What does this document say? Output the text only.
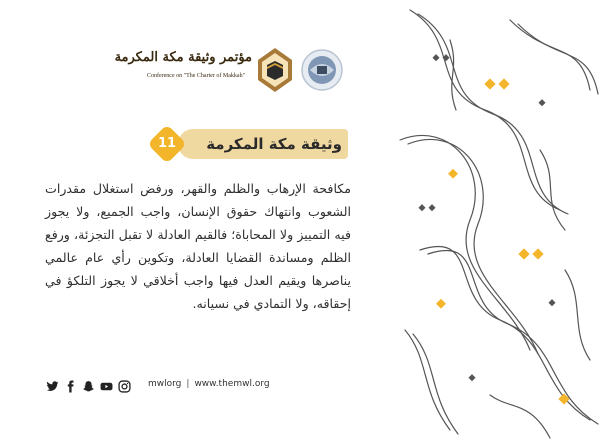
مؤتمر وثيقة مكة المكرمة
Conference on "The Charter of Makkah"
وثيقة مكة المكرمة
11
مكافحة الإرهاب والظلم والقهر، ورفض استغلال مقدرات الشعوب وانتهاك حقوق الإنسان، واجب الجميع، ولا يجوز فيه التمييز ولا المحاباة؛ فالقيم العادلة لا تقبل التجزئة، ورفع الظلم ومساندة القضايا العادلة، وتكوين رأي عام عالمي يناصرها ويقيم العدل فيها واجب أخلاقي لا يجوز التلكؤ في إحقاقه، ولا التمادي في نسيانه.
mwlorg | www.themwl.org
